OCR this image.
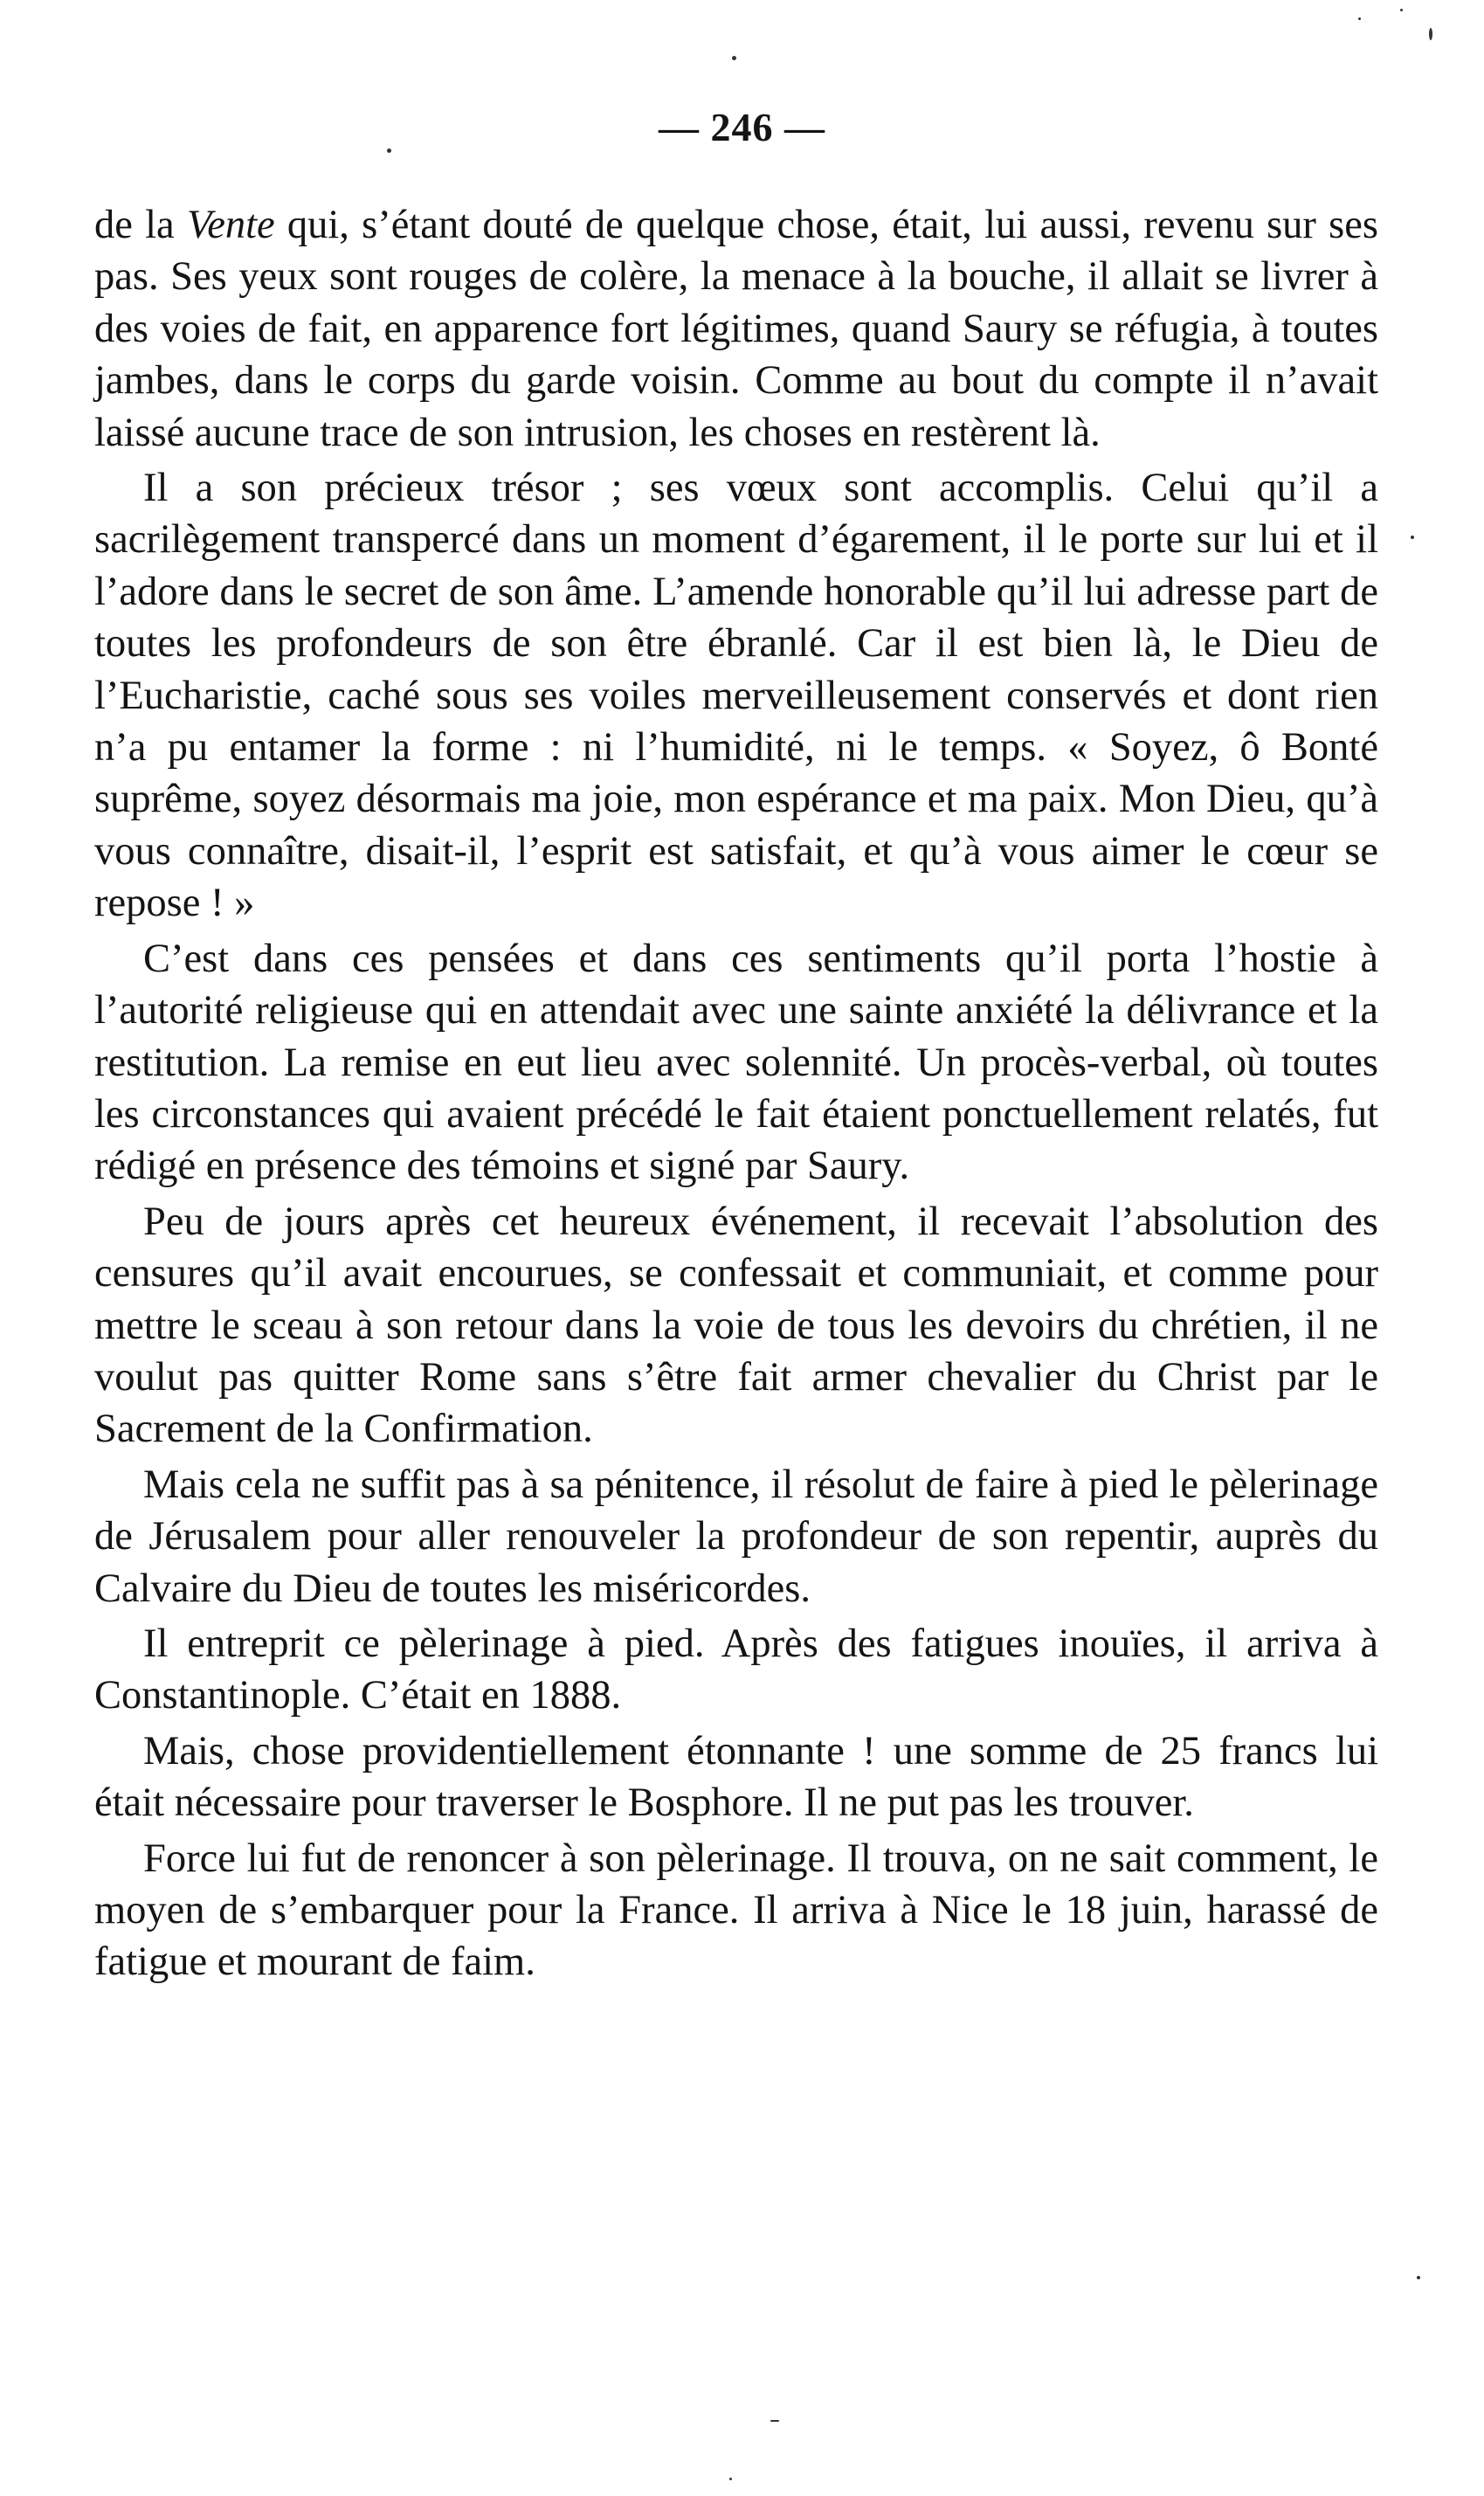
— 246 —

de la Vente qui, s’étant douté de quelque chose, était, lui aussi, revenu sur ses pas. Ses yeux sont rouges de colère, la menace à la bouche, il allait se livrer à des voies de fait, en apparence fort légitimes, quand Saury se réfugia, à toutes jambes, dans le corps du garde voisin. Comme au bout du compte il n’avait laissé aucune trace de son intrusion, les choses en restèrent là.

Il a son précieux trésor ; ses vœux sont accomplis. Celui qu’il a sacrilègement transpercé dans un moment d’égarement, il le porte sur lui et il l’adore dans le secret de son âme. L’amende honorable qu’il lui adresse part de toutes les profondeurs de son être ébranlé. Car il est bien là, le Dieu de l’Eucharistie, caché sous ses voiles merveilleusement conservés et dont rien n’a pu entamer la forme : ni l’humidité, ni le temps. « Soyez, ô Bonté suprême, soyez désormais ma joie, mon espérance et ma paix. Mon Dieu, qu’à vous connaître, disait-il, l’esprit est satisfait, et qu’à vous aimer le cœur se repose ! »

C’est dans ces pensées et dans ces sentiments qu’il porta l’hostie à l’autorité religieuse qui en attendait avec une sainte anxiété la délivrance et la restitution. La remise en eut lieu avec solennité. Un procès-verbal, où toutes les circonstances qui avaient précédé le fait étaient ponctuellement relatés, fut rédigé en présence des témoins et signé par Saury.

Peu de jours après cet heureux événement, il recevait l’absolution des censures qu’il avait encourues, se confessait et communiait, et comme pour mettre le sceau à son retour dans la voie de tous les devoirs du chrétien, il ne voulut pas quitter Rome sans s’être fait armer chevalier du Christ par le Sacrement de la Confirmation.

Mais cela ne suffit pas à sa pénitence, il résolut de faire à pied le pèlerinage de Jérusalem pour aller renouveler la profondeur de son repentir, auprès du Calvaire du Dieu de toutes les miséricordes.

Il entreprit ce pèlerinage à pied. Après des fatigues inouïes, il arriva à Constantinople. C’était en 1888.

Mais, chose providentiellement étonnante ! une somme de 25 francs lui était nécessaire pour traverser le Bosphore. Il ne put pas les trouver.

Force lui fut de renoncer à son pèlerinage. Il trouva, on ne sait comment, le moyen de s’embarquer pour la France. Il arriva à Nice le 18 juin, harassé de fatigue et mourant de faim.
